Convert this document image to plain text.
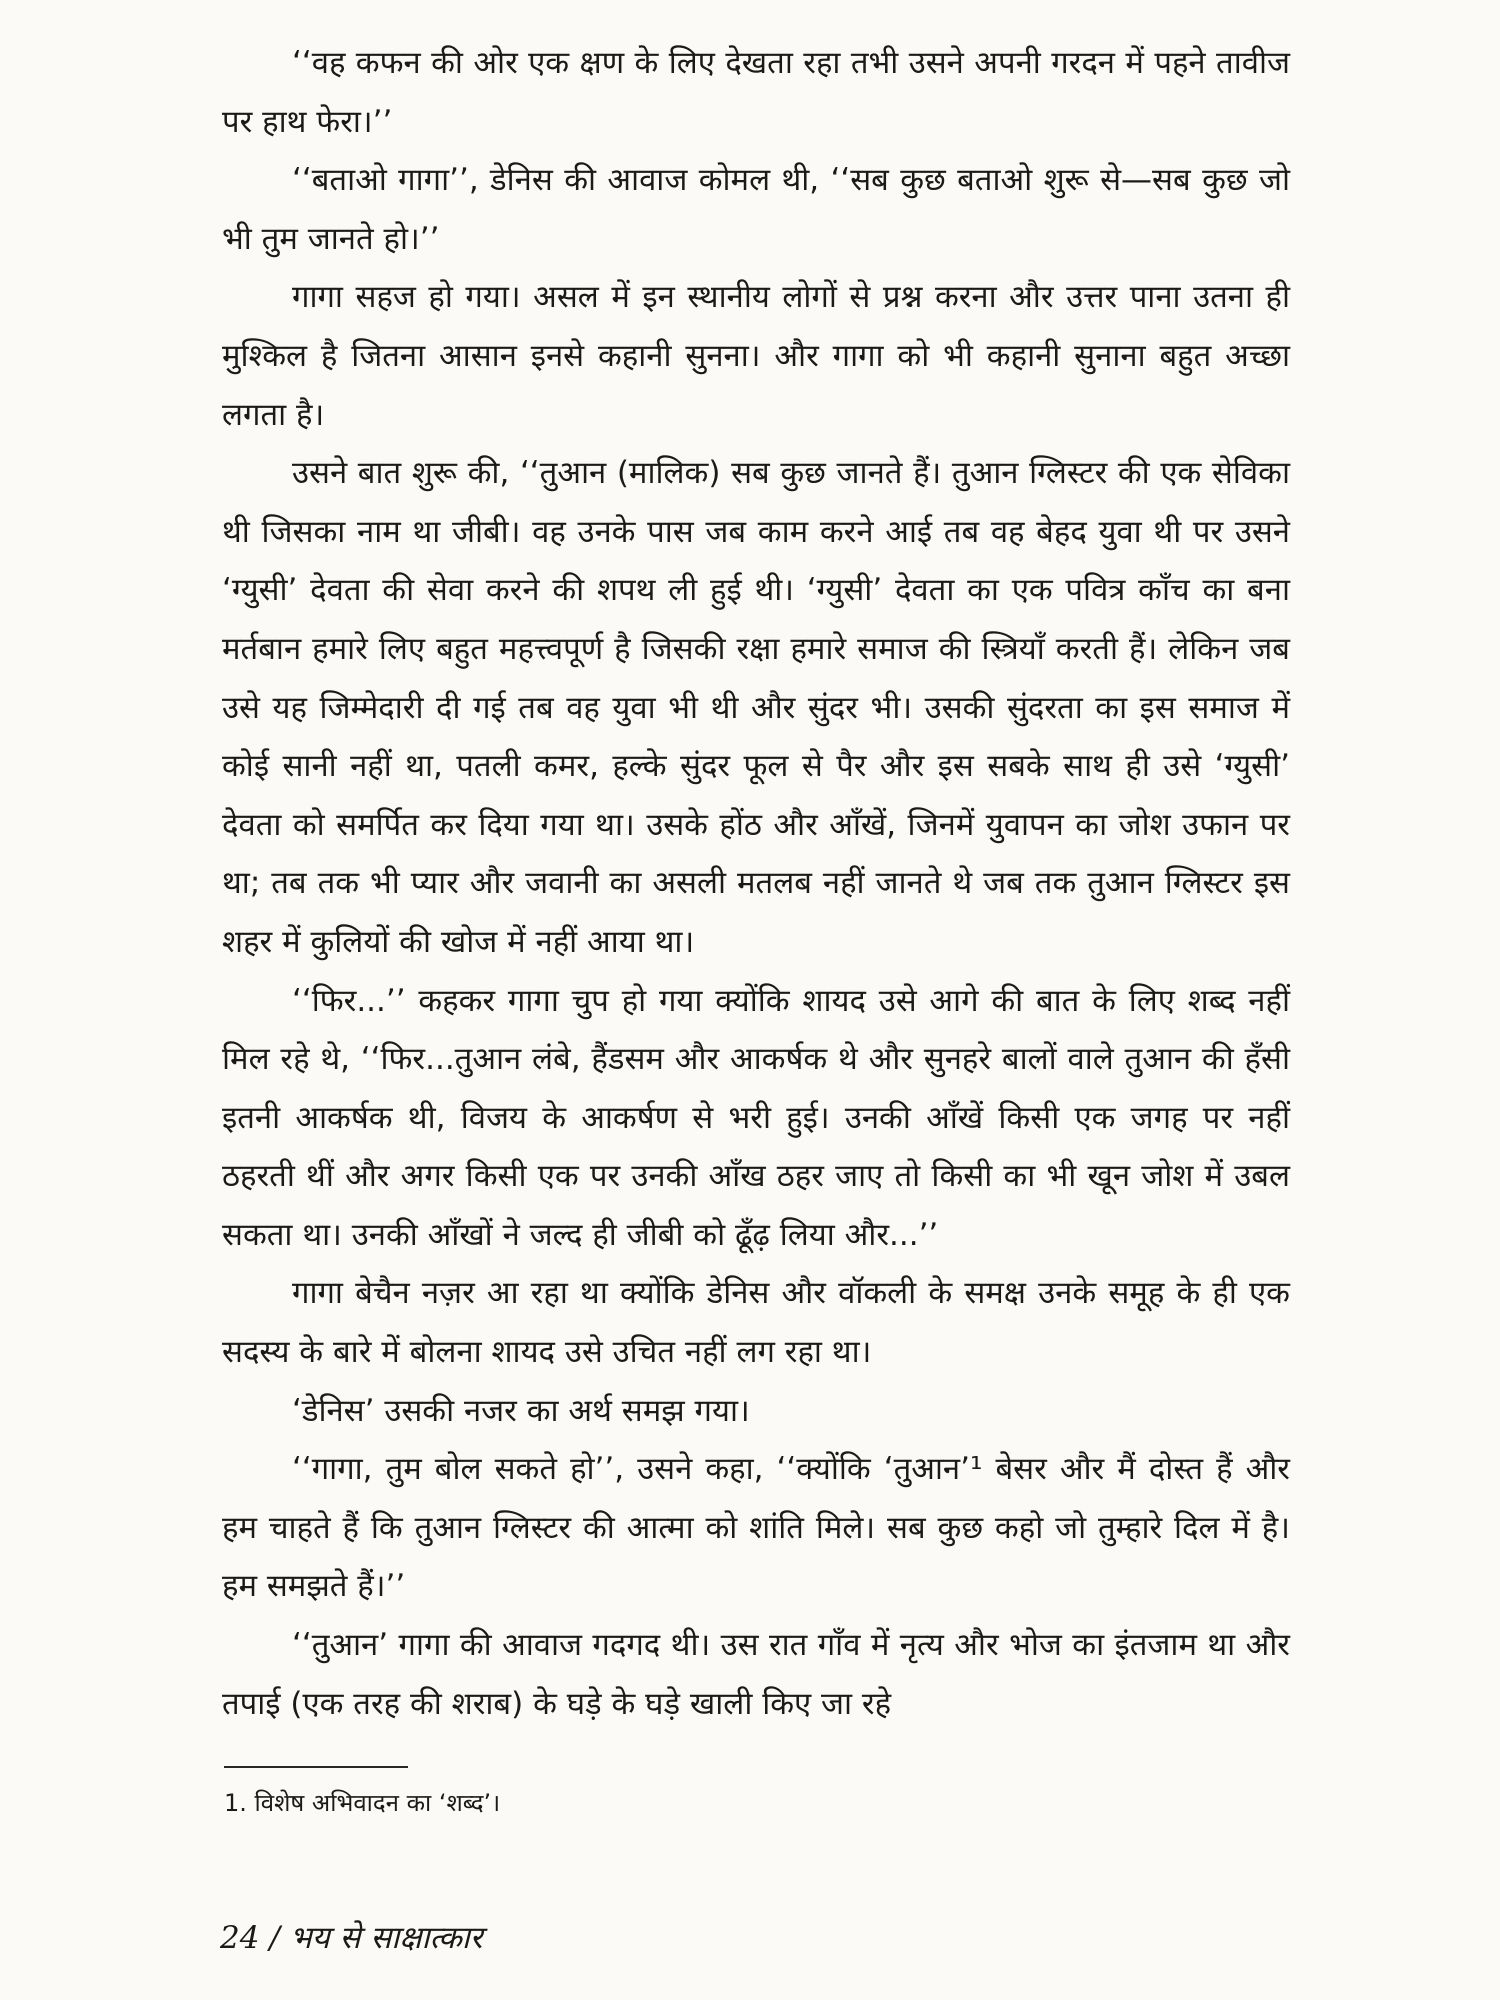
‘‘वह कफन की ओर एक क्षण के लिए देखता रहा तभी उसने अपनी गरदन में पहने तावीज पर हाथ फेरा।’’

‘‘बताओ गागा’’, डेनिस की आवाज कोमल थी, ‘‘सब कुछ बताओ शुरू से—सब कुछ जो भी तुम जानते हो।’’

गागा सहज हो गया। असल में इन स्थानीय लोगों से प्रश्न करना और उत्तर पाना उतना ही मुश्किल है जितना आसान इनसे कहानी सुनना। और गागा को भी कहानी सुनाना बहुत अच्छा लगता है।

उसने बात शुरू की, ‘‘तुआन (मालिक) सब कुछ जानते हैं। तुआन ग्लिस्टर की एक सेविका थी जिसका नाम था जीबी। वह उनके पास जब काम करने आई तब वह बेहद युवा थी पर उसने ‘ग्युसी’ देवता की सेवा करने की शपथ ली हुई थी। ‘ग्युसी’ देवता का एक पवित्र काँच का बना मर्तबान हमारे लिए बहुत महत्त्वपूर्ण है जिसकी रक्षा हमारे समाज की स्त्रियाँ करती हैं। लेकिन जब उसे यह जिम्मेदारी दी गई तब वह युवा भी थी और सुंदर भी। उसकी सुंदरता का इस समाज में कोई सानी नहीं था, पतली कमर, हल्के सुंदर फूल से पैर और इस सबके साथ ही उसे ‘ग्युसी’ देवता को समर्पित कर दिया गया था। उसके होंठ और आँखें, जिनमें युवापन का जोश उफान पर था; तब तक भी प्यार और जवानी का असली मतलब नहीं जानते थे जब तक तुआन ग्लिस्टर इस शहर में कुलियों की खोज में नहीं आया था।

‘‘फिर...’’ कहकर गागा चुप हो गया क्योंकि शायद उसे आगे की बात के लिए शब्द नहीं मिल रहे थे, ‘‘फिर...तुआन लंबे, हैंडसम और आकर्षक थे और सुनहरे बालों वाले तुआन की हँसी इतनी आकर्षक थी, विजय के आकर्षण से भरी हुई। उनकी आँखें किसी एक जगह पर नहीं ठहरती थीं और अगर किसी एक पर उनकी आँख ठहर जाए तो किसी का भी खून जोश में उबल सकता था। उनकी आँखों ने जल्द ही जीबी को ढूँढ़ लिया और...’’

गागा बेचैन नज़र आ रहा था क्योंकि डेनिस और वॉकली के समक्ष उनके समूह के ही एक सदस्य के बारे में बोलना शायद उसे उचित नहीं लग रहा था।

‘डेनिस’ उसकी नजर का अर्थ समझ गया।

‘‘गागा, तुम बोल सकते हो’’, उसने कहा, ‘‘क्योंकि ‘तुआन’¹ बेसर और मैं दोस्त हैं और हम चाहते हैं कि तुआन ग्लिस्टर की आत्मा को शांति मिले। सब कुछ कहो जो तुम्हारे दिल में है। हम समझते हैं।’’

‘‘तुआन’ गागा की आवाज गदगद थी। उस रात गाँव में नृत्य और भोज का इंतजाम था और तपाई (एक तरह की शराब) के घड़े के घड़े खाली किए जा रहे

1. विशेष अभिवादन का ‘शब्द’।
24 / भय से साक्षात्कार
